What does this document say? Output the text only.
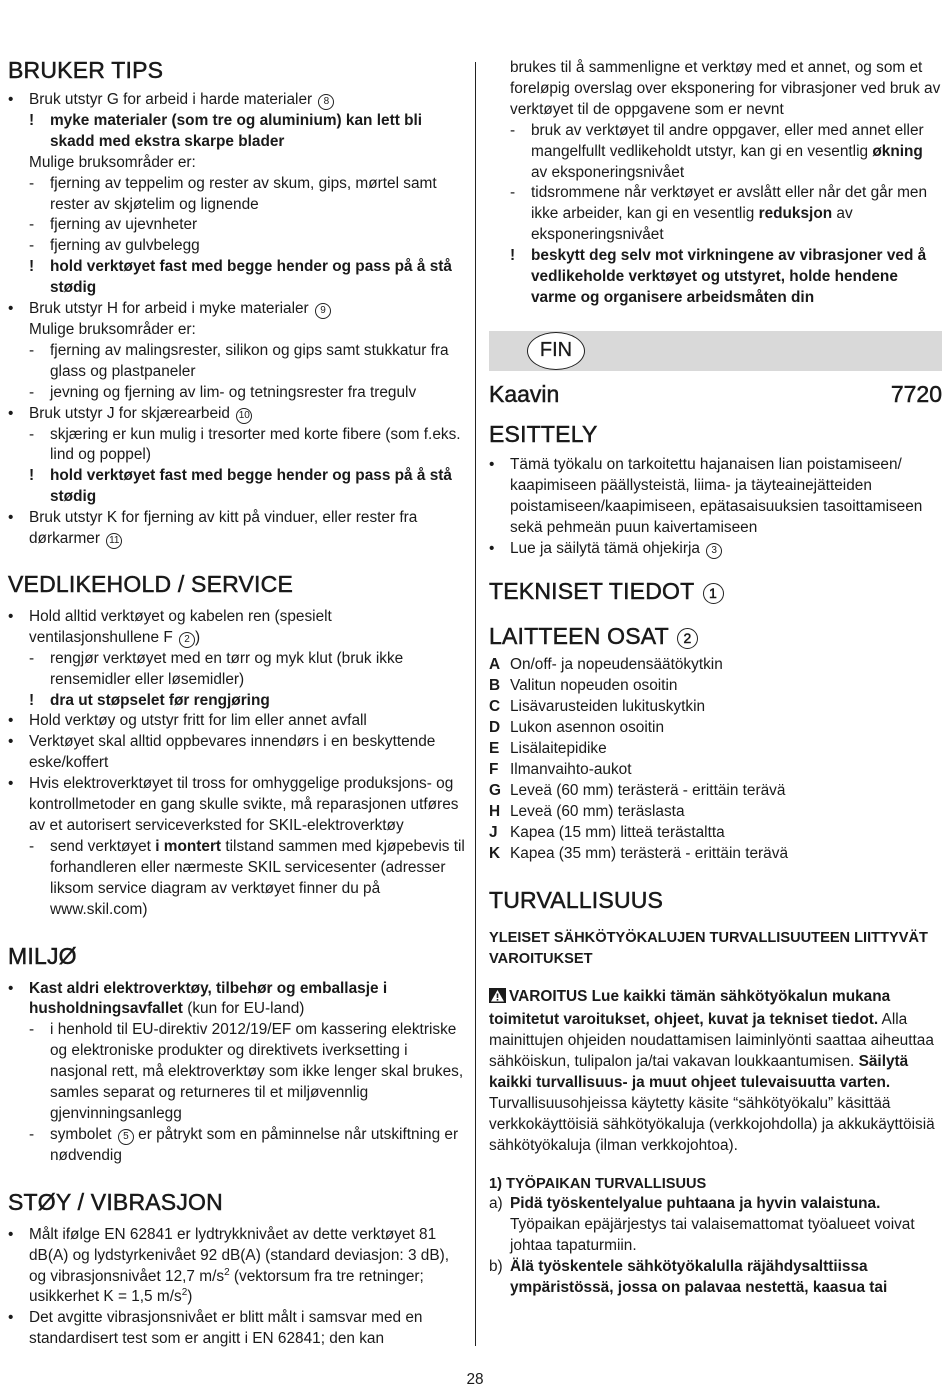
BRUKER TIPS
• Bruk utstyr G for arbeid i harde materialer 8
! myke materialer (som tre og aluminium) kan lett bli skadd med ekstra skarpe blader
Mulige bruksområder er:
- fjerning av teppelim og rester av skum, gips, mørtel samt rester av skjøtelim og lignende
- fjerning av ujevnheter
- fjerning av gulvbelegg
! hold verktøyet fast med begge hender og pass på å stå stødig
• Bruk utstyr H for arbeid i myke materialer 9
Mulige bruksområder er:
- fjerning av malingsrester, silikon og gips samt stukkatur fra glass og plastpaneler
- jevning og fjerning av lim- og tetningsrester fra tregulv
• Bruk utstyr J for skjærearbeid 10
- skjæring er kun mulig i tresorter med korte fibere (som f.eks. lind og poppel)
! hold verktøyet fast med begge hender og pass på å stå stødig
• Bruk utstyr K for fjerning av kitt på vinduer, eller rester fra dørkarmer 11
VEDLIKEHOLD / SERVICE
• Hold alltid verktøyet og kabelen ren (spesielt ventilasjonshullene F 2 )
- rengjør verktøyet med en tørr og myk klut (bruk ikke rensemidler eller løsemidler)
! dra ut støpselet før rengjøring
• Hold verktøy og utstyr fritt for lim eller annet avfall
• Verktøyet skal alltid oppbevares innendørs i en beskyttende eske/koffert
• Hvis elektroverktøyet til tross for omhyggelige produksjons- og kontrollmetoder en gang skulle svikte, må reparasjonen utføres av et autorisert serviceverksted for SKIL-elektroverktøy
- send verktøyet i montert tilstand sammen med kjøpebevis til forhandleren eller nærmeste SKIL servicesenter (adresser liksom service diagram av verktøyet finner du på www.skil.com)
MILJØ
• Kast aldri elektroverktøy, tilbehør og emballasje i husholdningsavfallet (kun for EU-land)
- i henhold til EU-direktiv 2012/19/EF om kassering elektriske og elektroniske produkter og direktivets iverksetting i nasjonal rett, må elektroverktøy som ikke lenger skal brukes, samles separat og returneres til et miljøvennlig gjenvinningsanlegg
- symbolet 5 er påtrykt som en påminnelse når utskiftning er nødvendig
STØY / VIBRASJON
• Målt ifølge EN 62841 er lydtrykknivået av dette verktøyet 81 dB(A) og lydstyrkenivået 92 dB(A) (standard deviasjon: 3 dB), og vibrasjonsnivået 12,7 $m/s^2$ (vektorsum fra tre retninger; usikkerhet K = 1,5 $m/s^2$)
• Det avgitte vibrasjonsnivået er blitt målt i samsvar med en standardisert test som er angitt i EN 62841; den kan
brukes til å sammenligne et verktøy med et annet, og som et foreløpig overslag over eksponering for vibrasjoner ved bruk av verktøyet til de oppgavene som er nevnt
- bruk av verktøyet til andre oppgaver, eller med annet eller mangelfullt vedlikeholdt utstyr, kan gi en vesentlig økning av eksponeringsnivået
- tidsrommene når verktøyet er avslått eller når det går men ikke arbeider, kan gi en vesentlig reduksjon av eksponeringsnivået
! beskytt deg selv mot virkningene av vibrasjoner ved å vedlikeholde verktøyet og utstyret, holde hendene varme og organisere arbeidsmåten din
FIN
Kaavin	7720
ESITTELY
• Tämä työkalu on tarkoitettu hajanaisen lian poistamiseen/ kaapimiseen päällysteistä, liima- ja täyteainejätteiden poistamiseen/kaapimiseen, epätasaisuuksien tasoittamiseen sekä pehmeän puun kaivertamiseen
• Lue ja säilytä tämä ohjekirja 3
TEKNISET TIEDOT 1
LAITTEEN OSAT 2
A On/off- ja nopeudensäätökytkin
B Valitun nopeuden osoitin
C Lisävarusteiden lukituskytkin
D Lukon asennon osoitin
E Lisälaitepidike
F Ilmanvaihto-aukot
G Leveä (60 mm) terästerä - erittäin terävä
H Leveä (60 mm) teräslasta
J Kapea (15 mm) litteä terästaltta
K Kapea (35 mm) terästerä - erittäin terävä
TURVALLISUUS
YLEISET SÄHKÖTYÖKALUJEN TURVALLISUUTEEN LIITTYVÄT VAROITUKSET
VAROITUS Lue kaikki tämän sähkötyökalun mukana toimitetut varoitukset, ohjeet, kuvat ja tekniset tiedot. Alla mainittujen ohjeiden noudattamisen laiminlyönti saattaa aiheuttaa sähköiskun, tulipalon ja/tai vakavan loukkaantumisen. Säilytä kaikki turvallisuus- ja muut ohjeet tulevaisuutta varten. Turvallisuusohjeissa käytetty käsite “sähkötyökalu” käsittää verkkokäyttöisiä sähkötyökaluja (verkkojohdolla) ja akkukäyttöisiä sähkötyökaluja (ilman verkkojohtoa).
1) TYÖPAIKAN TURVALLISUUS
a) Pidä työskentelyalue puhtaana ja hyvin valaistuna. Työpaikan epäjärjestys tai valaisemattomat työalueet voivat johtaa tapaturmiin.
b) Älä työskentele sähkötyökalulla räjähdysalttiissa ympäristössä, jossa on palavaa nestettä, kaasua tai
28
